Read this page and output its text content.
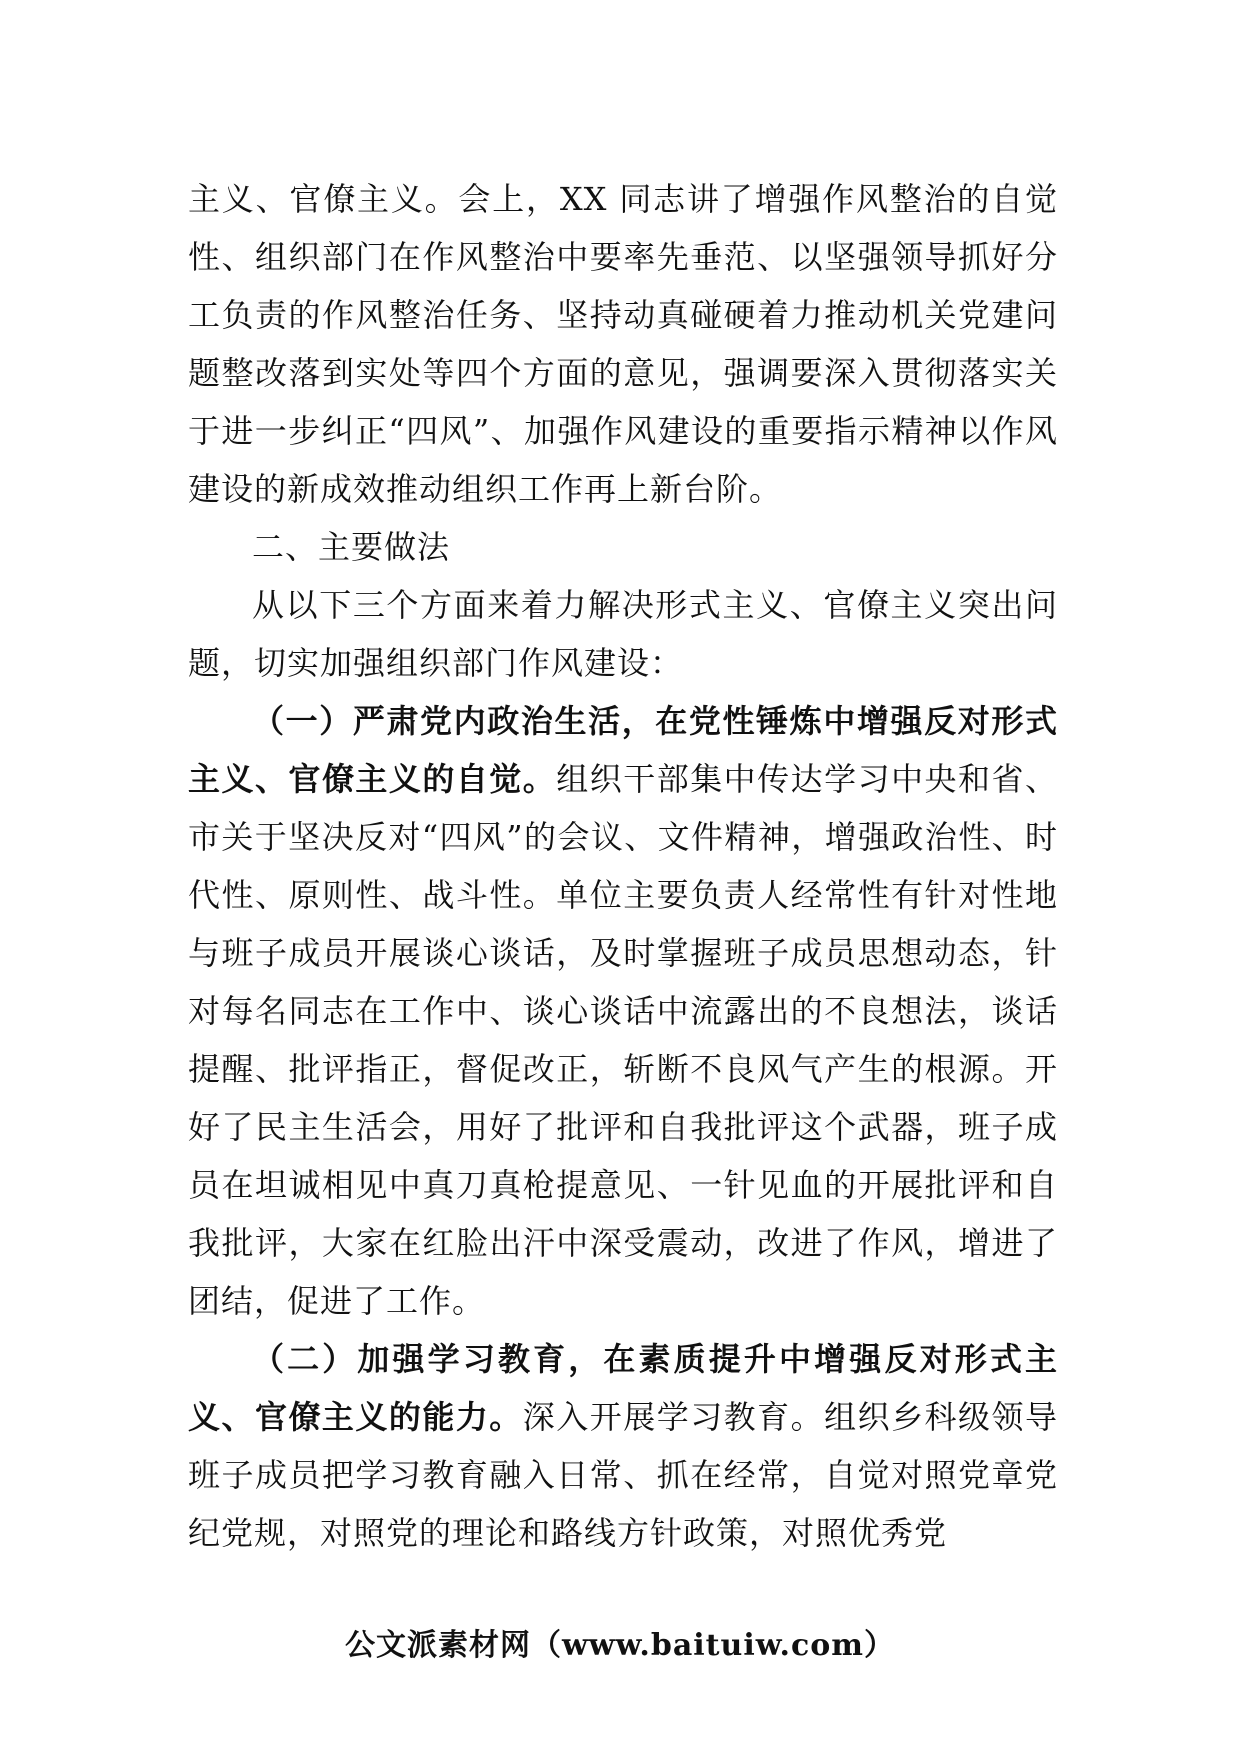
主义、官僚主义。会上，XX 同志讲了增强作风整治的自觉性、组织部门在作风整治中要率先垂范、以坚强领导抓好分工负责的作风整治任务、坚持动真碰硬着力推动机关党建问题整改落到实处等四个方面的意见，强调要深入贯彻落实关于进一步纠正“四风”、加强作风建设的重要指示精神以作风建设的新成效推动组织工作再上新台阶。

二、主要做法

从以下三个方面来着力解决形式主义、官僚主义突出问题，切实加强组织部门作风建设：

（一）严肃党内政治生活，在党性锤炼中增强反对形式主义、官僚主义的自觉。组织干部集中传达学习中央和省、市关于坚决反对“四风”的会议、文件精神，增强政治性、时代性、原则性、战斗性。单位主要负责人经常性有针对性地与班子成员开展谈心谈话，及时掌握班子成员思想动态，针对每名同志在工作中、谈心谈话中流露出的不良想法，谈话提醒、批评指正，督促改正，斩断不良风气产生的根源。开好了民主生活会，用好了批评和自我批评这个武器，班子成员在坦诚相见中真刀真枪提意见、一针见血的开展批评和自我批评，大家在红脸出汗中深受震动，改进了作风，增进了团结，促进了工作。

（二）加强学习教育，在素质提升中增强反对形式主义、官僚主义的能力。深入开展学习教育。组织乡科级领导班子成员把学习教育融入日常、抓在经常，自觉对照党章党纪党规，对照党的理论和路线方针政策，对照优秀党

公文派素材网（www.baituiw.com）
